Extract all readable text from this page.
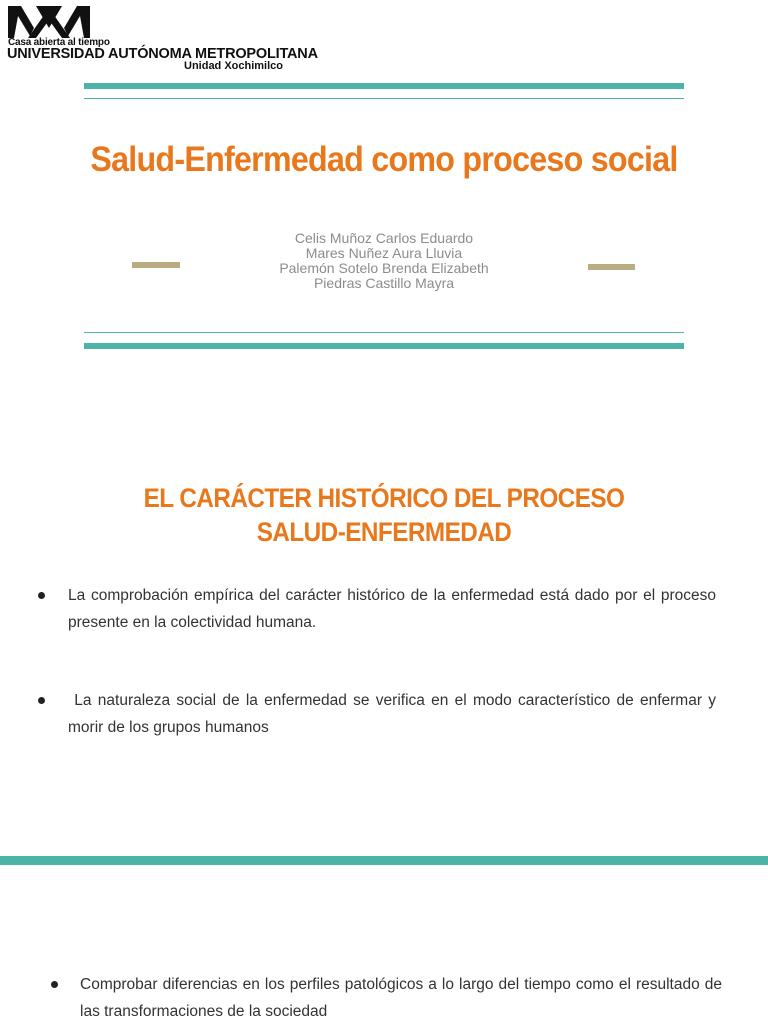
Casa abierta al tiempo
UNIVERSIDAD AUTÓNOMA METROPOLITANA
Unidad Xochimilco
Salud-Enfermedad como proceso social
Celis Muñoz Carlos Eduardo
Mares Nuñez Aura Lluvia
Palemón Sotelo Brenda Elizabeth
Piedras Castillo Mayra
EL CARÁCTER HISTÓRICO DEL PROCESO
SALUD-ENFERMEDAD
La comprobación empírica del carácter histórico de la enfermedad está dado por el proceso presente en la colectividad humana.
La naturaleza social de la enfermedad se verifica en el modo característico de enfermar y morir de los grupos humanos
Comprobar diferencias en los perfiles patológicos a lo largo del tiempo como el resultado de las transformaciones de la sociedad
